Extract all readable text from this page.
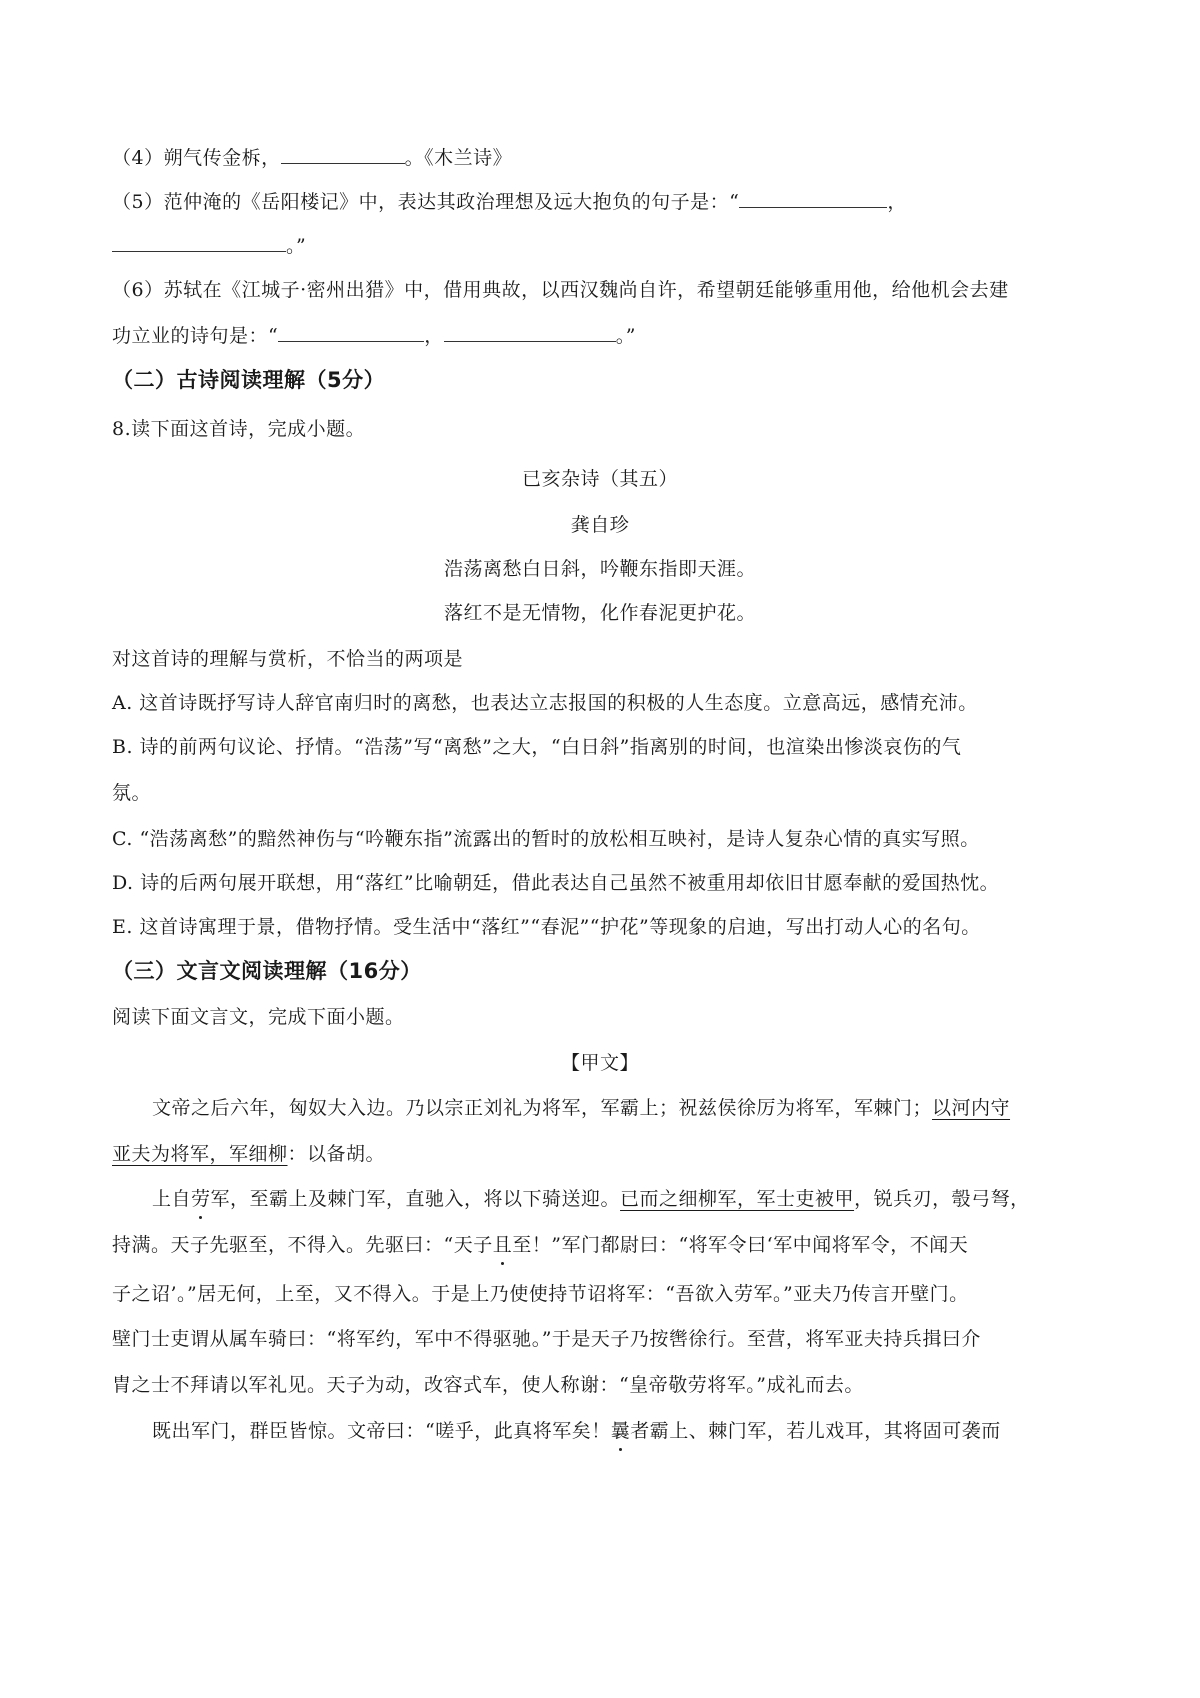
（4）朔气传金柝，	。《木兰诗》
（5）范仲淹的《岳阳楼记》中，表达其政治理想及远大抱负的句子是：“	，
。”
（6）苏轼在《江城子·密州出猎》中，借用典故，以西汉魏尚自许，希望朝廷能够重用他，给他机会去建
功立业的诗句是：“	，	。”
（二）古诗阅读理解（5分）
8.读下面这首诗，完成小题。
已亥杂诗（其五）
龚自珍
浩荡离愁白日斜，吟鞭东指即天涯。
落红不是无情物，化作春泥更护花。
对这首诗的理解与赏析，不恰当的两项是
A. 这首诗既抒写诗人辞官南归时的离愁，也表达立志报国的积极的人生态度。立意高远，感情充沛。
B. 诗的前两句议论、抒情。“浩荡”写“离愁”之大，“白日斜”指离别的时间，也渲染出惨淡哀伤的气
氛。
C. “浩荡离愁”的黯然神伤与“吟鞭东指”流露出的暂时的放松相互映衬，是诗人复杂心情的真实写照。
D. 诗的后两句展开联想，用“落红”比喻朝廷，借此表达自己虽然不被重用却依旧甘愿奉献的爱国热忱。
E. 这首诗寓理于景，借物抒情。受生活中“落红”“春泥”“护花”等现象的启迪，写出打动人心的名句。
（三）文言文阅读理解（16分）
阅读下面文言文，完成下面小题。
【甲文】
文帝之后六年，匈奴大入边。乃以宗正刘礼为将军，军霸上；祝兹侯徐厉为将军，军棘门；以河内守
亚夫为将军，军细柳：以备胡。
上自劳军，至霸上及棘门军，直驰入，将以下骑送迎。已而之细柳军，军士吏被甲，锐兵刃，彀弓弩，
持满。天子先驱至，不得入。先驱曰：“天子且至！”军门都尉曰：“将军令曰‘军中闻将军令，不闻天
子之诏’。”居无何，上至，又不得入。于是上乃使使持节诏将军：“吾欲入劳军。”亚夫乃传言开壁门。
壁门士吏谓从属车骑曰：“将军约，军中不得驱驰。”于是天子乃按辔徐行。至营，将军亚夫持兵揖曰介
胄之士不拜请以军礼见。天子为动，改容式车，使人称谢：“皇帝敬劳将军。”成礼而去。
既出军门，群臣皆惊。文帝曰：“嗟乎，此真将军矣！曩者霸上、棘门军，若儿戏耳，其将固可袭而
